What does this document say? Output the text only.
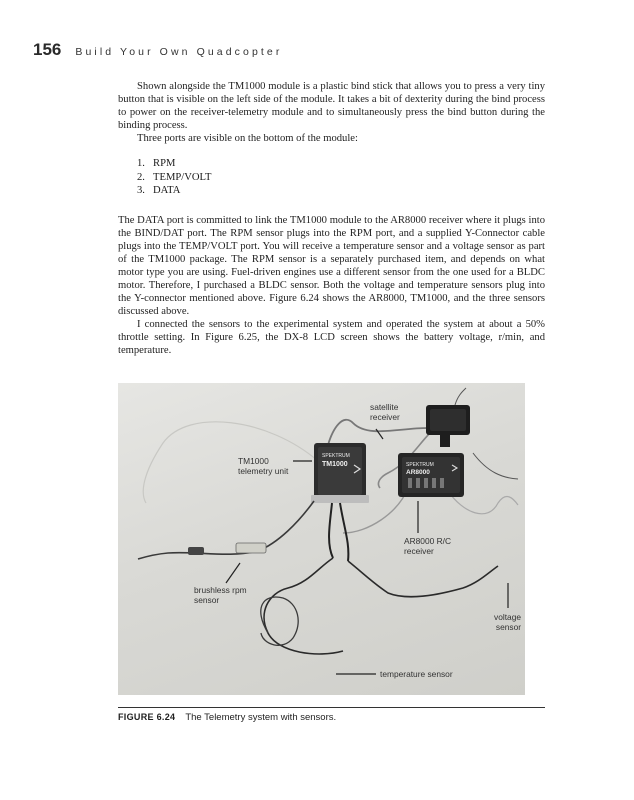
156 Build Your Own Quadcopter

Shown alongside the TM1000 module is a plastic bind stick that allows you to press a very tiny button that is visible on the left side of the module. It takes a bit of dexterity during the bind process to power on the receiver-telemetry module and to simultaneously press the bind button during the binding process.

Three ports are visible on the bottom of the module:

1. RPM
2. TEMP/VOLT
3. DATA

The DATA port is committed to link the TM1000 module to the AR8000 receiver where it plugs into the BIND/DAT port. The RPM sensor plugs into the RPM port, and a supplied Y-Connector cable plugs into the TEMP/VOLT port. You will receive a temperature sensor and a voltage sensor as part of the TM1000 package. The RPM sensor is a separately purchased item, and depends on what motor type you are using. Fuel-driven engines use a different sensor from the one used for a BLDC motor. Therefore, I purchased a BLDC sensor. Both the voltage and temperature sensors plug into the Y-connector mentioned above. Figure 6.24 shows the AR8000, TM1000, and the three sensors discussed above.

I connected the sensors to the experimental system and operated the system at about a 50% throttle setting. In Figure 6.25, the DX-8 LCD screen shows the battery voltage, r/min, and temperature.

SPEKTRUM
TM1000	SPEKTRUM
AR8000
satellite
receiver
TM1000
telemetry unit
AR8000 R/C
receiver
brushless rpm
sensor
voltage
sensor
temperature sensor
FIGURE 6.24 The Telemetry system with sensors.
